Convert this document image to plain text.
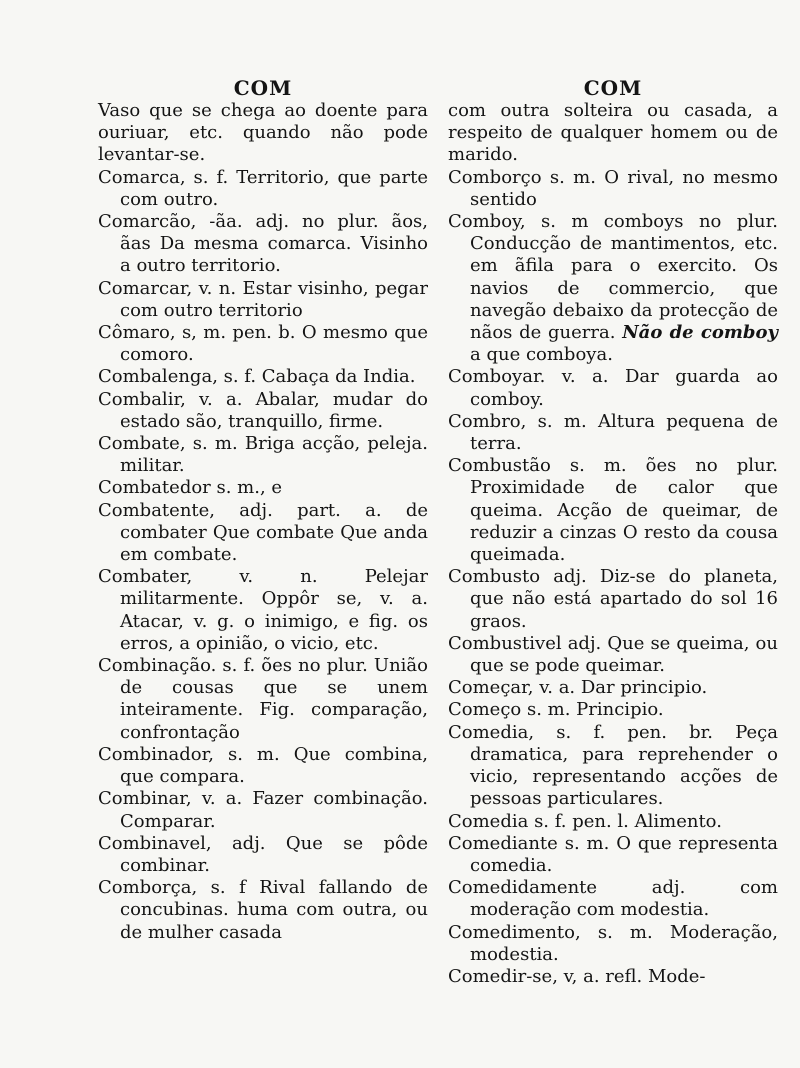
COM

Vaso que se chega ao doente para ouriuar, etc. quando não pode levantar-se.

Comarca, s. f. Territorio, que parte com outro.

Comarcão, -ãa. adj. no plur. ãos, ãas Da mesma comarca. Visinho a outro territorio.

Comarcar, v. n. Estar visinho, pegar com outro territorio

Cômaro, s, m. pen. b. O mesmo que comoro.

Combalenga, s. f. Cabaça da India.

Combalir, v. a. Abalar, mudar do estado são, tranquillo, firme.

Combate, s. m. Briga acção, peleja. militar.

Combatedor s. m., e

Combatente, adj. part. a. de combater Que combate Que anda em combate.

Combater, v. n. Pelejar militarmente. Oppôr se, v. a. Atacar, v. g. o inimigo, e fig. os erros, a opinião, o vicio, etc.

Combinação. s. f. ões no plur. União de cousas que se unem inteiramente. Fig. comparação, confrontação

Combinador, s. m. Que combina, que compara.

Combinar, v. a. Fazer combinação. Comparar.

Combinavel, adj. Que se pôde combinar.

Comborça, s. f Rival fallando de concubinas. huma com outra, ou de mulher casada

COM

com outra solteira ou casada, a respeito de qualquer homem ou de marido.

Comborço s. m. O rival, no mesmo sentido

Comboy, s. m comboys no plur. Conducção de mantimentos, etc. em ãfila para o exercito. Os navios de commercio, que navegão debaixo da protecção de nãos de guerra. Não de comboy a que comboya.

Comboyar. v. a. Dar guarda ao comboy.

Combro, s. m. Altura pequena de terra.

Combustão s. m. ões no plur. Proximidade de calor que queima. Acção de queimar, de reduzir a cinzas O resto da cousa queimada.

Combusto adj. Diz-se do planeta, que não está apartado do sol 16 graos.

Combustivel adj. Que se queima, ou que se pode queimar.

Começar, v. a. Dar principio.

Começo s. m. Principio.

Comedia, s. f. pen. br. Peça dramatica, para reprehender o vicio, representando acções de pessoas particulares.

Comedia s. f. pen. l. Alimento.

Comediante s. m. O que representa comedia.

Comedidamente adj. com moderação com modestia.

Comedimento, s. m. Moderação, modestia.

Comedir-se, v, a. refl. Mode-
